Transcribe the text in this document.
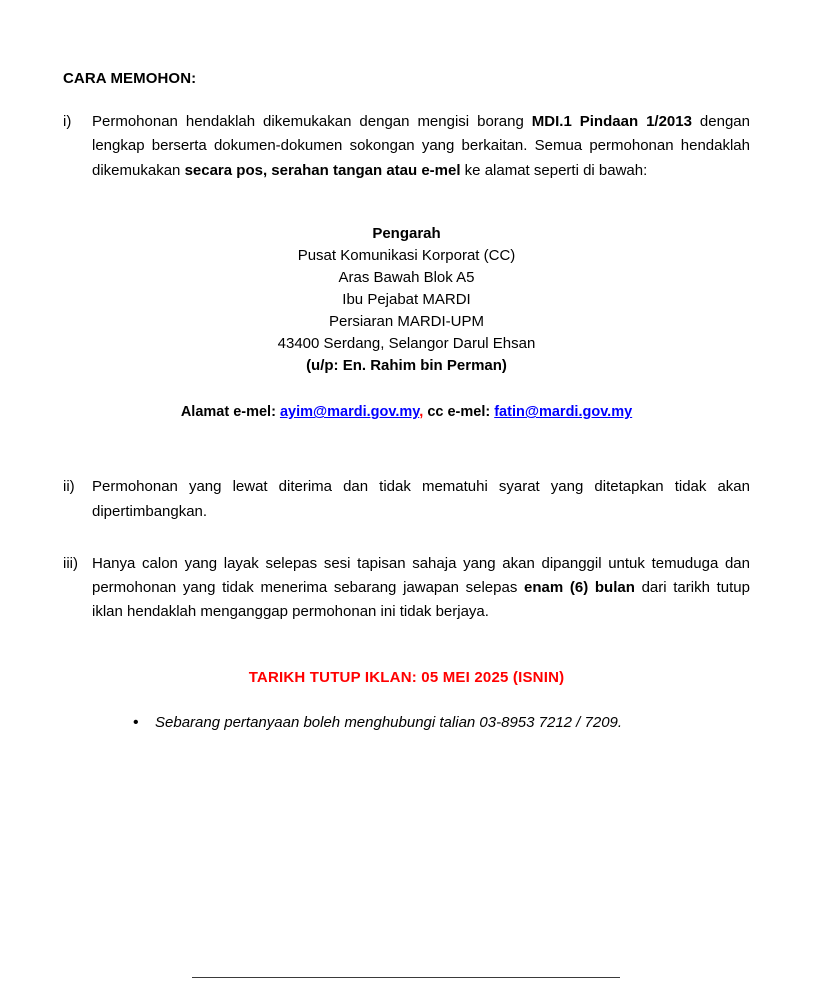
CARA MEMOHON:
i) Permohonan hendaklah dikemukakan dengan mengisi borang MDI.1 Pindaan 1/2013 dengan lengkap berserta dokumen-dokumen sokongan yang berkaitan. Semua permohonan hendaklah dikemukakan secara pos, serahan tangan atau e-mel ke alamat seperti di bawah:
Pengarah
Pusat Komunikasi Korporat (CC)
Aras Bawah Blok A5
Ibu Pejabat MARDI
Persiaran MARDI-UPM
43400 Serdang, Selangor Darul Ehsan
(u/p: En. Rahim bin Perman)
Alamat e-mel: ayim@mardi.gov.my, cc e-mel: fatin@mardi.gov.my
ii) Permohonan yang lewat diterima dan tidak mematuhi syarat yang ditetapkan tidak akan dipertimbangkan.
iii) Hanya calon yang layak selepas sesi tapisan sahaja yang akan dipanggil untuk temuduga dan permohonan yang tidak menerima sebarang jawapan selepas enam (6) bulan dari tarikh tutup iklan hendaklah menganggap permohonan ini tidak berjaya.
TARIKH TUTUP IKLAN: 05 MEI 2025 (ISNIN)
• Sebarang pertanyaan boleh menghubungi talian 03-8953 7212 / 7209.
